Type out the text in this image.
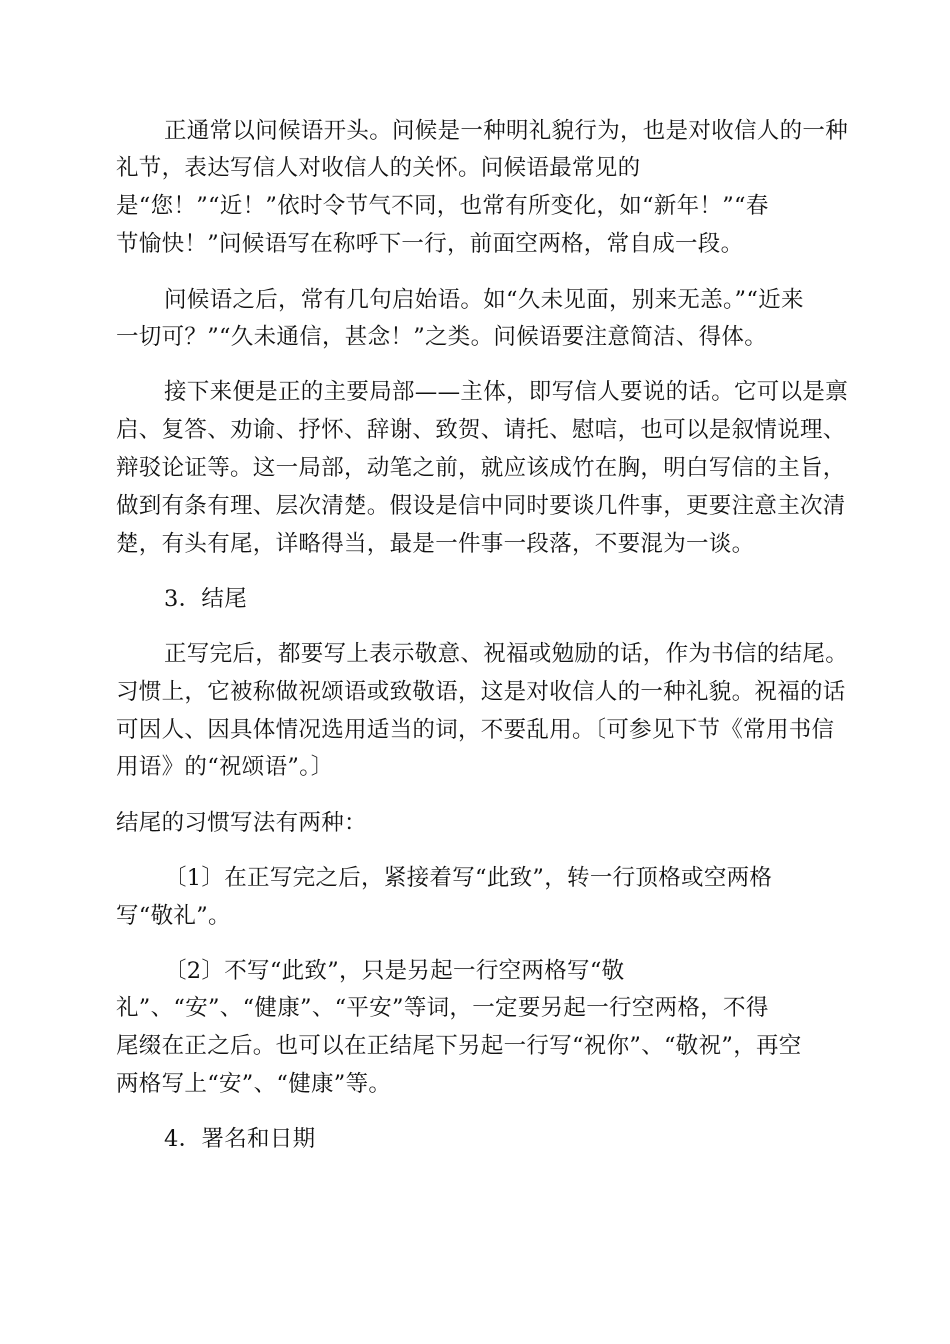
正通常以问候语开头。问候是一种明礼貌行为，也是对收信人的一种
礼节，表达写信人对收信人的关怀。问候语最常见的
是“您！”“近！”依时令节气不同，也常有所变化，如“新年！”“春
节愉快！”问候语写在称呼下一行，前面空两格，常自成一段。
问候语之后，常有几句启始语。如“久未见面，别来无恙。”“近来
一切可？”“久未通信，甚念！”之类。问候语要注意简洁、得体。
接下来便是正的主要局部——主体，即写信人要说的话。它可以是禀
启、复答、劝谕、抒怀、辞谢、致贺、请托、慰唁，也可以是叙情说理、
辩驳论证等。这一局部，动笔之前，就应该成竹在胸，明白写信的主旨，
做到有条有理、层次清楚。假设是信中同时要谈几件事，更要注意主次清
楚，有头有尾，详略得当，最是一件事一段落，不要混为一谈。
3．结尾
正写完后，都要写上表示敬意、祝福或勉励的话，作为书信的结尾。
习惯上，它被称做祝颂语或致敬语，这是对收信人的一种礼貌。祝福的话
可因人、因具体情况选用适当的词，不要乱用。〔可参见下节《常用书信
用语》的“祝颂语”。〕
结尾的习惯写法有两种：
〔1〕在正写完之后，紧接着写“此致”，转一行顶格或空两格
写“敬礼”。
〔2〕不写“此致”，只是另起一行空两格写“敬
礼”、“安”、“健康”、“平安”等词，一定要另起一行空两格，不得
尾缀在正之后。也可以在正结尾下另起一行写“祝你”、“敬祝”，再空
两格写上“安”、“健康”等。
4．署名和日期
